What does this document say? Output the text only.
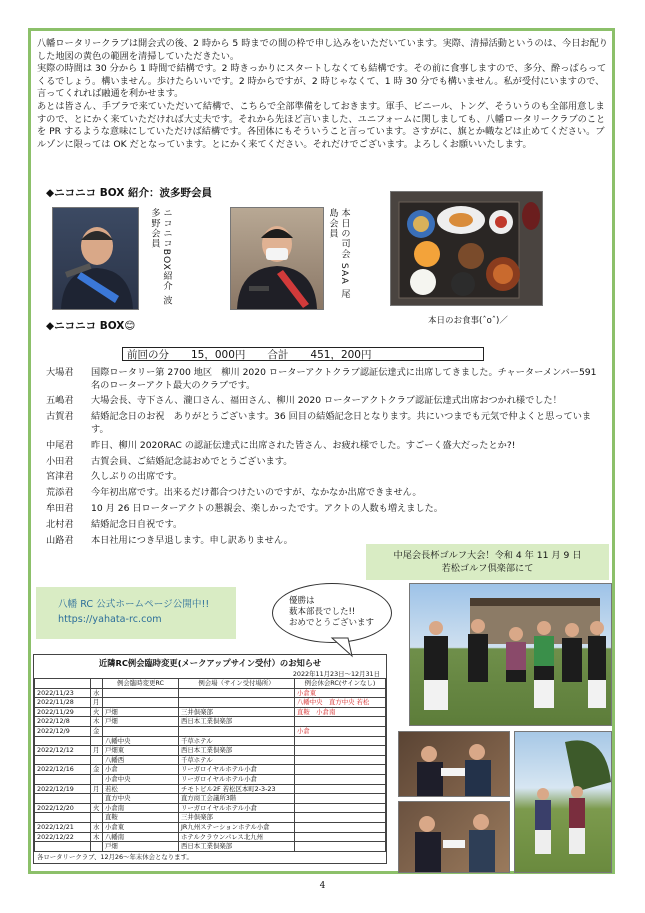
八幡ロータリークラブは開会式の後、2 時から 5 時までの間の枠で申し込みをいただいています。実際、清掃活動というのは、今日お配りした地図の黄色の範囲を清掃していただきたい。

実際の時間は 30 分から 1 時間で結構です。2 時きっかりにスタートしなくても結構です。その前に食事しますので、多分、酔っぱらってくるでしょう。構いません。歩けたらいいです。2 時からですが、2 時じゃなくて、1 時 30 分でも構いません。私が受付にいますので、言ってくれれば融通を利かせます。

あとは皆さん、手ブラで来ていただいて結構で、こちらで全部準備をしておきます。軍手、ビニール、トング、そういうのも全部用意しますので、とにかく来ていただければ大丈夫です。それから先ほど言いました、ユニフォームに関しましても、八幡ロータリークラブのことを PR するような意味にしていただけば結構です。各団体にもそういうこと言っています。さすがに、旗とか幟などは止めてください。ブルゾンに限っては OK だとなっています。とにかく来てください。それだけでございます。よろしくお願いいたします。

◆ニコニコ BOX 紹介：波多野会員
ニコニコBOX紹介 波多野会員	本日の司会 SAA 尾島会員
本日のお食事(ˆoˆ)／
◆ニコニコ BOX😊
前回の分 15，000円 合計 451，200円
大場君	国際ロータリー第 2700 地区　柳川 2020 ローターアクトクラブ認証伝達式に出席してきました。チャーターメンバー591 名のローターアクト最大のクラブです。
五嶋君	大場会長、寺下さん、瀧口さん、福田さん、柳川 2020 ローターアクトクラブ認証伝達式出席おつかれ様でした！
古賀君	結婚記念日のお祝　ありがとうございます。36 回目の結婚記念日となります。共にいつまでも元気で仲よくと思っています。
中尾君	昨日、柳川 2020RAC の認証伝達式に出席された皆さん、お疲れ様でした。すごーく盛大だったとか?!
小田君	古賀会員、ご結婚記念誌おめでとうございます。
宮津君	久しぶりの出席です。
荒添君	今年初出席です。出来るだけ都合つけたいのですが、なかなか出席できません。
牟田君	10 月 26 日ローターアクトの懇親会、楽しかったです。アクトの人数も増えました。
北村君	結婚記念日自祝です。
山路君	本日社用につき早退します。申し訳ありません。
中尾会長杯ゴルフ大会！令和 4 年 11 月 9 日
若松ゴルフ倶楽部にて
八幡 RC 公式ホームページ公開中!!
https://yahata-rc.com
優勝は
薮本部長でした!!
おめでとうございます
近隣RC例会臨時変更(メークアップサイン受付）のお知らせ
2022年11月23日～12月31日
		例会臨時変更RC	例会場（サイン受付場所）	例会休会RC(サインなし)
2022/11/23	水			小倉東
2022/11/28	月			八幡中央　直方中央 若松
2022/11/29	火	戸畑	三井倶楽部	直鞍　小倉南
2022/12/8	木	戸畑	西日本工業倶楽部	
2022/12/9	金			小倉
		八幡中央	千草ホテル	
2022/12/12	月	戸畑東	西日本工業倶楽部	
		八幡西	千草ホテル	
2022/12/16	金	小倉	リーガロイヤルホテル小倉	
		小倉中央	リーガロイヤルホテル小倉	
2022/12/19	月	若松	チモトビル2F 若松区本町2-3-23	
		直方中央	直方商工会議所3階	
2022/12/20	火	小倉南	リーガロイヤルホテル小倉	
		直鞍	三井倶楽部	
2022/12/21	水	小倉東	JR九州ステーションホテル小倉	
2022/12/22	木	八幡南	ホテルクラウンパレス北九州	
		戸畑	西日本工業倶楽部	
各ロータリークラブ、12月26～年末休会となります。
4
